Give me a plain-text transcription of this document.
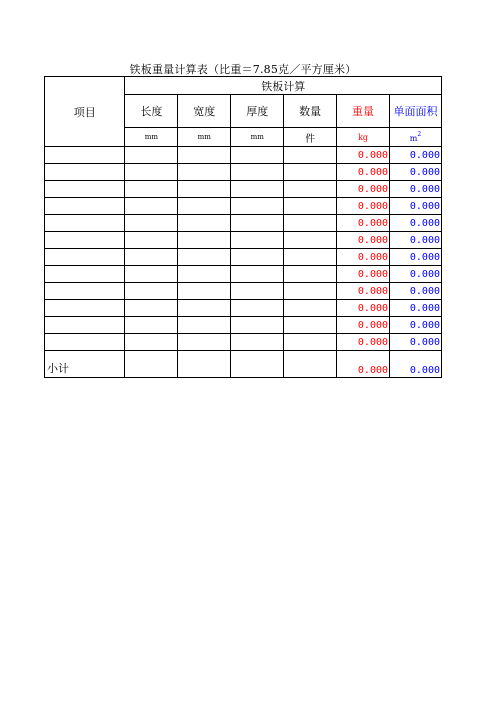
铁板重量计算表（比重＝7.85克／平方厘米）
项目	铁板计算					
	长度	宽度	厚度	数量	重量	单面面积
	mm	mm	mm	件	kg	$m^2$
					0.000	0.000
					0.000	0.000
					0.000	0.000
					0.000	0.000
					0.000	0.000
					0.000	0.000
					0.000	0.000
					0.000	0.000
					0.000	0.000
					0.000	0.000
					0.000	0.000
					0.000	0.000
小计					0.000	0.000
